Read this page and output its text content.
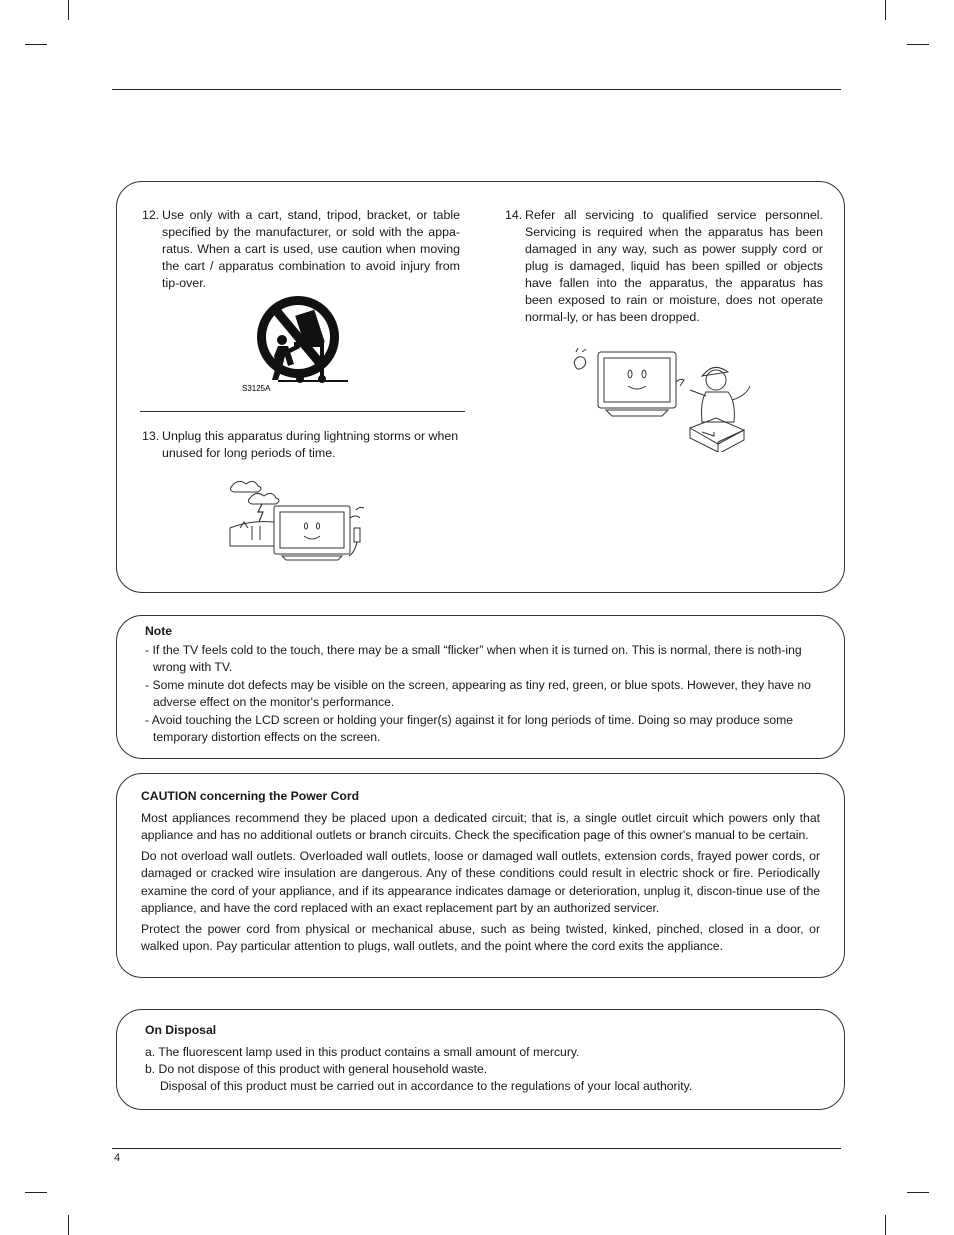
12. Use only with a cart, stand, tripod, bracket, or table specified by the manufacturer, or sold with the appa-ratus. When a cart is used, use caution when moving the cart / apparatus combination to avoid injury from tip-over.
S3125A
13. Unplug this apparatus during lightning storms or when unused for long periods of time.
14. Refer all servicing to qualified service personnel. Servicing is required when the apparatus has been damaged in any way, such as power supply cord or plug is damaged, liquid has been spilled or objects have fallen into the apparatus, the apparatus has been exposed to rain or moisture, does not operate normal-ly, or has been dropped.
Note
- If the TV feels cold to the touch, there may be a small “flicker” when when it is turned on. This is normal, there is noth-ing wrong with TV.
- Some minute dot defects may be visible on the screen, appearing as tiny red, green, or blue spots. However, they have no adverse effect on the monitor's performance.
- Avoid touching the LCD screen or holding your finger(s) against it for long periods of time. Doing so may produce some temporary distortion effects on the screen.
CAUTION concerning the Power Cord
Most appliances recommend they be placed upon a dedicated circuit; that is, a single outlet circuit which powers only that appliance and has no additional outlets or branch circuits. Check the specification page of this owner's manual to be certain.
Do not overload wall outlets. Overloaded wall outlets, loose or damaged wall outlets, extension cords, frayed power cords, or damaged or cracked wire insulation are dangerous. Any of these conditions could result in electric shock or fire. Periodically examine the cord of your appliance, and if its appearance indicates damage or deterioration, unplug it, discon-tinue use of the appliance, and have the cord replaced with an exact replacement part by an authorized servicer.
Protect the power cord from physical or mechanical abuse, such as being twisted, kinked, pinched, closed in a door, or walked upon. Pay particular attention to plugs, wall outlets, and the point where the cord exits the appliance.
On Disposal
a. The fluorescent lamp used in this product contains a small amount of mercury.
b. Do not dispose of this product with general household waste.
Disposal of this product must be carried out in accordance to the regulations of your local authority.
4
